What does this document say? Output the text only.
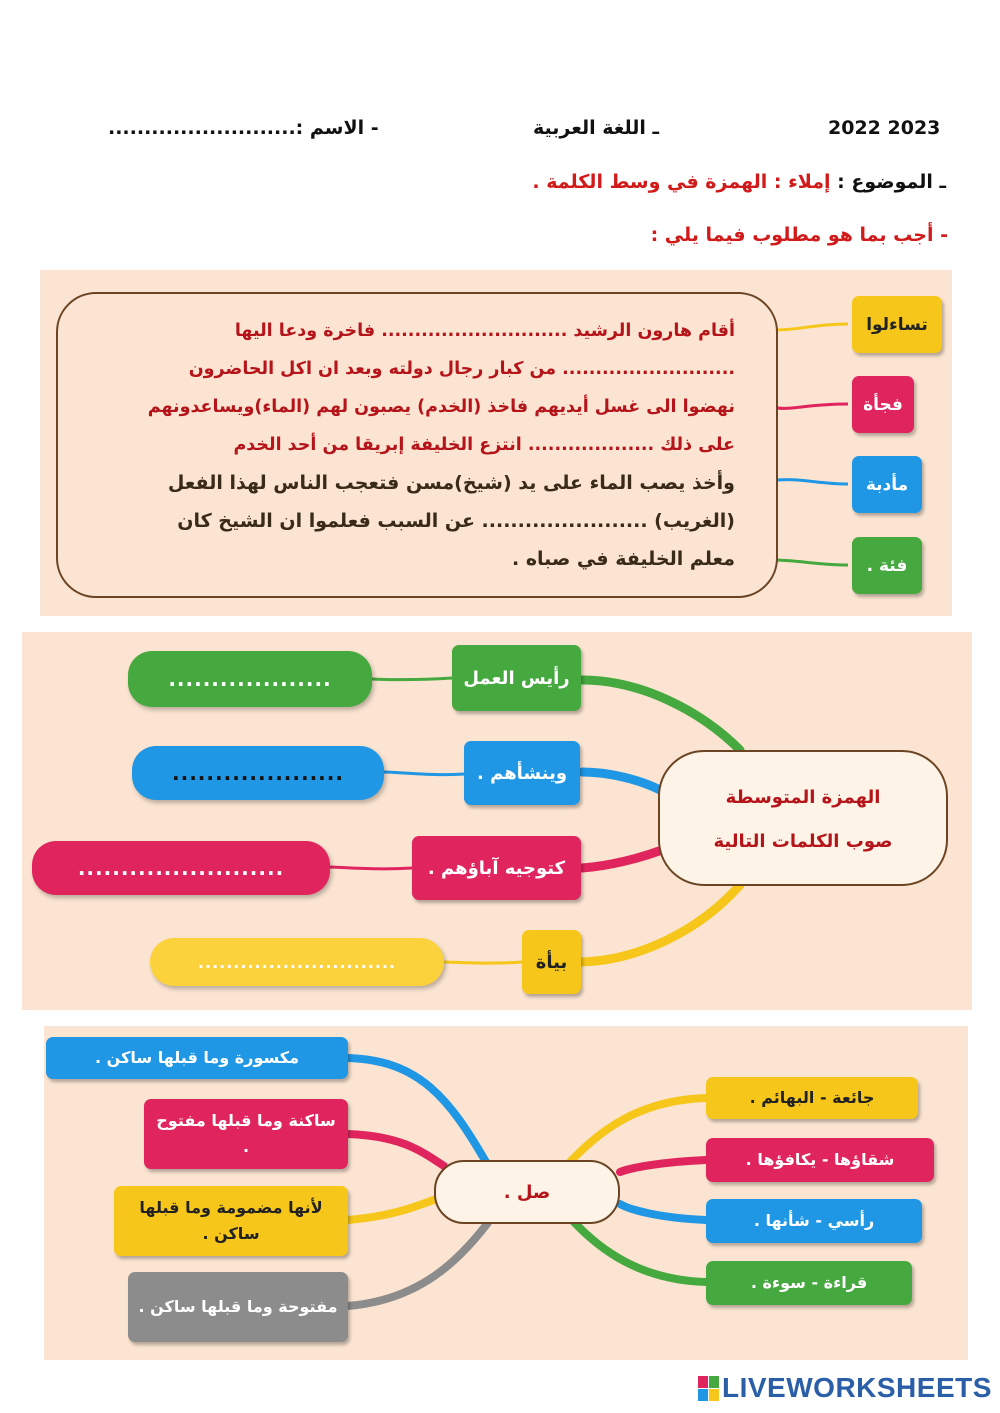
2023 2022
ـ اللغة العربية
- الاسم :..........................
ـ الموضوع : إملاء : الهمزة في وسط الكلمة .
- أجب بما هو مطلوب فيما يلي :
أقام هارون الرشيد ............................ فاخرة ودعا اليها
.......................... من كبار رجال دولته وبعد ان اكل الحاضرون
نهضوا الى غسل أيديهم فاخذ (الخدم) يصبون لهم (الماء)ويساعدونهم
على ذلك ................... انتزع الخليفة إبريقا من أحد الخدم
وأخذ يصب الماء على يد (شيخ)مسن فتعجب الناس لهذا الفعل
(الغريب) ....................... عن السبب فعلموا ان الشيخ كان
معلم الخليفة في صباه .
تساءلوا
فجأة
مأدبة
فئة .
الهمزة المتوسطة
صوب الكلمات التالية
رأيس العمل
وينشأهم .
كتوجيه آباؤهم .
بيأة
...................
....................
........................
............................
صل .
مكسورة وما قبلها ساكن .
ساكنة وما قبلها مفتوح .
لأنها مضمومة وما قبلها ساكن .
مفتوحة وما قبلها ساكن .
جائعة - البهائم .
شقاؤها - يكافؤها .
رأسي - شأنها .
قراءة - سوءة .
LIVEWORKSHEETS
